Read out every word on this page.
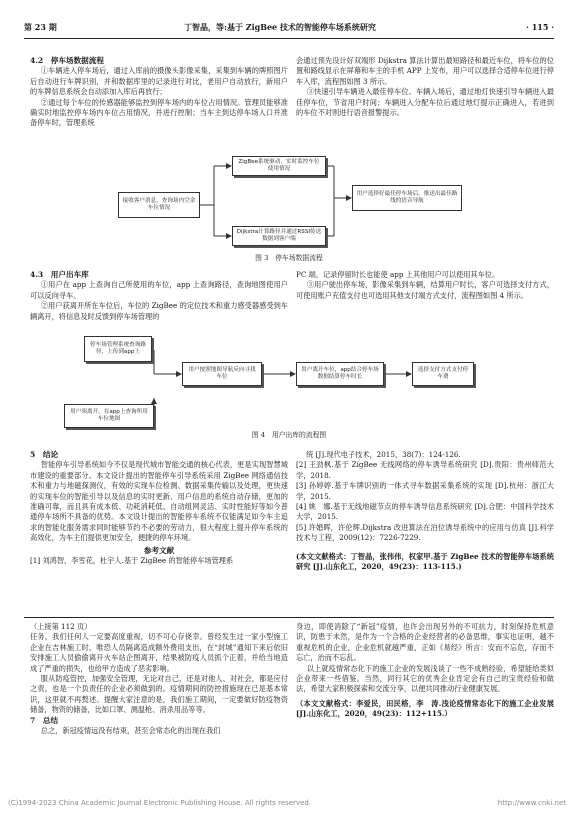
第 23 期	丁智晶，等:基于 ZigBee 技术的智能停车场系统研究	· 115 ·
4.2　停车场数据流程

①车辆进入停车场后，通过入库前的摄像头影像采集，采集到车辆的牌照图片后自动进行车牌识别，并和数据库里的记录进行对比，老用户自动放行，新用户的车牌信息系统会自动添加入库后再放行；

②通过每个车位的传感器能够监控到停车场内的车位占用情况。管理员能够准确实时地监控停车场内车位占用情况，并进行控制；当车主到达停车场入口并准备停车时，管理系统

会通过预先设计好双端形 Dijkstra 算法计算出最短路径和最近车位，将车位的位置和路线显示在屏幕和车主的手机 APP 上发布，用户可以选择合适停车位进行停车入库，流程图如图 3 所示。

③快速引导车辆进入最佳停车位。车辆入场后，通过地灯快速引导车辆进入最佳停车位，节省用户时间；车辆进入分配车位后通过地灯提示正确进入，若进到的车位不对则进行语音报警提示。

接收客户消息，查询场内空余车位情况
ZigBee系统驱动，实时监控车位使用情况
Dijkstra计算路径并通过RSSI传送数据到客户端
用户选择好最佳停车场后，推送出最佳路线的语音导航
图 3　停车场数据流程
4.3　用户出车库

①用户在 app 上查询自己所使用的车位，app 上查询路径，查询地图使用户可以反向寻车。

②用户获离开所在车位后，车位的 ZigBee 的定位技术和重力感受器感受到车辆离开，将信息及时反馈到停车场管理的

PC 端，记录停留时长也能使 app 上其他用户可以使用其车位。

③用户驶出停车场，影像采集到车辆，结算用户时长，客户可选择支付方式，可使用账户充值支付也可选用其他支付端方式支付，流程图如图 4 所示。

停车场管理系统查询路径，上传到app上
用户按照地图导航反向寻找车位
用户离开车位，app结合停车场数据结算停车时长
选择支付方式支付停车费
用户须离开，在app上查询所用车位地图
图 4　用户出库的流程图
5　结论

智能停车引导系统如今不仅是现代城市智能交通的核心代表，更是实现智慧城市建设的重要部分。本文设计提出的智能停车引导系统采用 ZigBee 网络通信技术和重力与地磁探测仪，有效的实现车位检测、数据采集传输以及处理，更快速的实现车位的智能引导以及信息的实时更新、用户信息的系统自动存储，更加的准确可靠，而且具有成本低、功耗消耗低、自动组网灵活、实时性能好等如今普通停车场所不具备的优势。本文设计提出的智能停车系统不仅能满足如今车主追求的智能化服务需求同时能够节约不必要的劳动力，很大程度上提升停车系统的高效化，为车主们提供更加安全，便捷的停车环境。

参考文献

[1] 刘鸿智，李雪花，杜宇人.基于 ZigBee 的智能停车场管理系

统 [J].现代电子技术，2015，38(7)：124-126.

[2] 王劲枫.基于 ZigBee 无线网络的停车诱导系统研究 [D].贵阳：贵州师范大学，2018.

[3] 孙婷婷.基于车牌识别的一体式寻车数据采集系统的实现 [D].杭州：浙江大学，2015.

[4] 姚　娜.基于无线地磁节点的停车诱导信息系统研究 [D].合肥：中国科学技术大学，2015.

[5] 许婚晖，许伦辉.Dijkstra 改进算法在泊位诱导系统中的应用与仿真 [J].科学技术与工程，2009(12)：7226-7229.

(本文文献格式：丁智晶，张伟伟，权家甲.基于 ZigBee 技术的智能停车场系统研究 [J].山东化工，2020，49(23)：113-115.)

（上接第 112 页）

任务，我们任何人一定要高度重视，切不可心存侥幸。曾经发生过一家小型施工企业在吉林施工时，唯恐人员隔离造成额外费用支出，在“封城”通知下来后依旧安排施工人员偷偷离开火车站企图离开，结果被防疫人员抓个正着，并给当地造成了严重的损失，也给甲方造成了恶劣影响。

服从防疫管控，加强安全管理，无论对自己，还是对他人、对社会，都是应付之责，也是一个负责任的企业必须做到的。疫情期间的防控措施现在已是基本常识，这里就不再赘述。提醒大家注意的是，我们施工期间，一定要做好防疫物资储备，物资的储备，比如口罩、测温枪、消杀用品等等。

7　总结

总之，新冠疫情远没有结束，甚至会常态化的出现在我们

身边，即使消除了“新冠”疫情，也许会出现另外的不可抗力，时刻保持危机意识，防患于未然，是作为一个合格的企业经营者的必备思维，事实也证明，越不重视危机的企业，企业危机就越严重，正如《易经》所言：安而不忘危，存而不忘亡，治而不忘乱。

以上就疫情常态化下的施工企业的发展浅谈了一些不成熟经验，希望能给类似企业带来一些借鉴。当然，同行其它的优秀企业肯定会有自己的宝贵经验和做法，希望大家积极探索和交流分享，以便共同推动行业健康发展。

（本文文献格式：李爱民，田民格，李　涛.浅论疫情常态化下的施工企业发展 [J].山东化工，2020，49(23)：112+115.）

(C)1994-2023 China Academic Journal Electronic Publishing House. All rights reserved.	http://www.cnki.net
